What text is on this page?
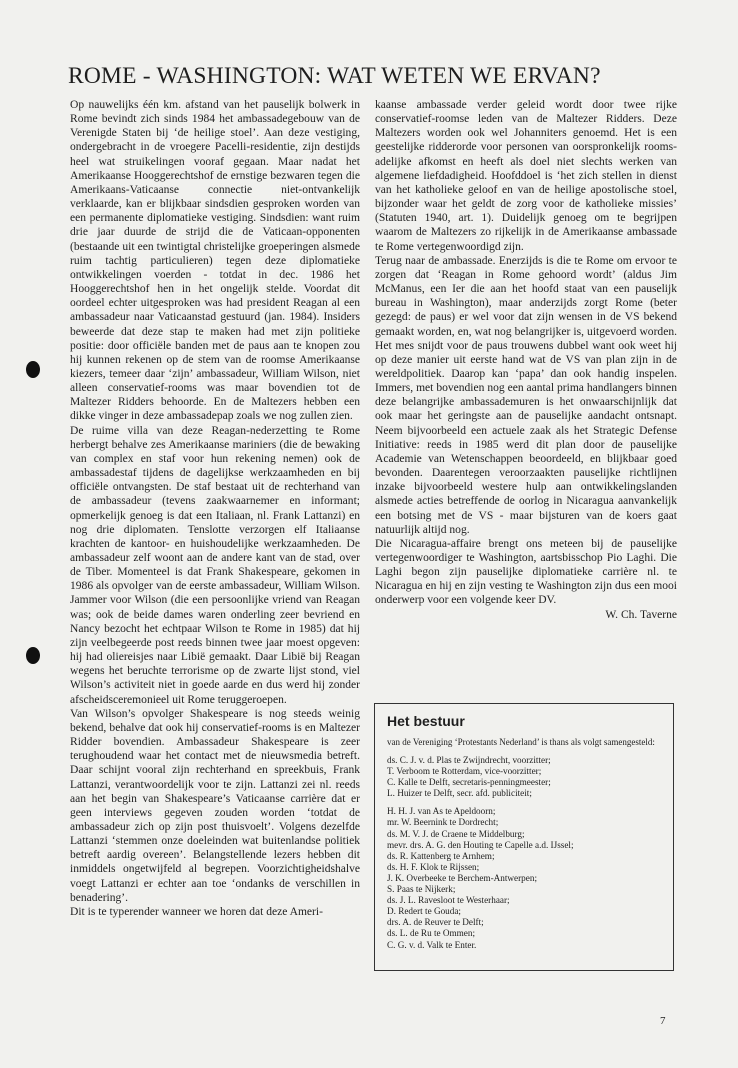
ROME - WASHINGTON: WAT WETEN WE ERVAN?

Op nauwelijks één km. afstand van het pauselijk bolwerk in Rome bevindt zich sinds 1984 het ambassadegebouw van de Verenigde Staten bij ‘de heilige stoel’. Aan deze vestiging, ondergebracht in de vroegere Pacelli-residentie, zijn destijds heel wat struikelingen vooraf gegaan. Maar nadat het Amerikaanse Hooggerechtshof de ernstige bezwaren tegen die Amerikaans-Vaticaanse connectie niet-ontvankelijk verklaarde, kan er blijkbaar sindsdien gesproken worden van een permanente diplomatieke vestiging. Sindsdien: want ruim drie jaar duurde de strijd die de Vaticaan-opponenten (bestaande uit een twintigtal christelijke groeperingen alsmede ruim tachtig particulieren) tegen deze diplomatieke ontwikkelingen voerden - totdat in dec. 1986 het Hooggerechtshof hen in het ongelijk stelde. Voordat dit oordeel echter uitgesproken was had president Reagan al een ambassadeur naar Vaticaanstad gestuurd (jan. 1984). Insiders beweerde dat deze stap te maken had met zijn politieke positie: door officiële banden met de paus aan te knopen zou hij kunnen rekenen op de stem van de roomse Amerikaanse kiezers, temeer daar ‘zijn’ ambassadeur, William Wilson, niet alleen conservatief-rooms was maar bovendien tot de Maltezer Ridders behoorde. En de Maltezers hebben een dikke vinger in deze ambassadepap zoals we nog zullen zien.

De ruime villa van deze Reagan-nederzetting te Rome herbergt behalve zes Amerikaanse mariniers (die de bewaking van complex en staf voor hun rekening nemen) ook de ambassadestaf tijdens de dagelijkse werkzaamheden en bij officiële ontvangsten. De staf bestaat uit de rechterhand van de ambassadeur (tevens zaakwaarnemer en informant; opmerkelijk genoeg is dat een Italiaan, nl. Frank Lattanzi) en nog drie diplomaten. Tenslotte verzorgen elf Italiaanse krachten de kantoor- en huishoudelijke werkzaamheden. De ambassadeur zelf woont aan de andere kant van de stad, over de Tiber. Momenteel is dat Frank Shakespeare, gekomen in 1986 als opvolger van de eerste ambassadeur, William Wilson. Jammer voor Wilson (die een persoonlijke vriend van Reagan was; ook de beide dames waren onderling zeer bevriend en Nancy bezocht het echtpaar Wilson te Rome in 1985) dat hij zijn veelbegeerde post reeds binnen twee jaar moest opgeven: hij had oliereisjes naar Libië gemaakt. Daar Libië bij Reagan wegens het beruchte terrorisme op de zwarte lijst stond, viel Wilson’s activiteit niet in goede aarde en dus werd hij zonder afscheidsceremonieel uit Rome teruggeroepen.

Van Wilson’s opvolger Shakespeare is nog steeds weinig bekend, behalve dat ook hij conservatief-rooms is en Maltezer Ridder bovendien. Ambassadeur Shakespeare is zeer terughoudend waar het contact met de nieuwsmedia betreft. Daar schijnt vooral zijn rechterhand en spreekbuis, Frank Lattanzi, verantwoordelijk voor te zijn. Lattanzi zei nl. reeds aan het begin van Shakespeare’s Vaticaanse carrière dat er geen interviews gegeven zouden worden ‘totdat de ambassadeur zich op zijn post thuisvoelt’. Volgens dezelfde Lattanzi ‘stemmen onze doeleinden wat buitenlandse politiek betreft aardig overeen’. Belangstellende lezers hebben dit inmiddels ongetwijfeld al begrepen. Voorzichtigheidshalve voegt Lattanzi er echter aan toe ‘ondanks de verschillen in benadering’.

Dit is te typerender wanneer we horen dat deze Ameri-

kaanse ambassade verder geleid wordt door twee rijke conservatief-roomse leden van de Maltezer Ridders. Deze Maltezers worden ook wel Johanniters genoemd. Het is een geestelijke ridderorde voor personen van oorspronkelijk rooms-adelijke afkomst en heeft als doel niet slechts werken van algemene liefdadigheid. Hoofddoel is ‘het zich stellen in dienst van het katholieke geloof en van de heilige apostolische stoel, bijzonder waar het geldt de zorg voor de katholieke missies’ (Statuten 1940, art. 1). Duidelijk genoeg om te begrijpen waarom de Maltezers zo rijkelijk in de Amerikaanse ambassade te Rome vertegenwoordigd zijn.

Terug naar de ambassade. Enerzijds is die te Rome om ervoor te zorgen dat ‘Reagan in Rome gehoord wordt’ (aldus Jim McManus, een Ier die aan het hoofd staat van een pauselijk bureau in Washington), maar anderzijds zorgt Rome (beter gezegd: de paus) er wel voor dat zijn wensen in de VS bekend gemaakt worden, en, wat nog belangrijker is, uitgevoerd worden. Het mes snijdt voor de paus trouwens dubbel want ook weet hij op deze manier uit eerste hand wat de VS van plan zijn in de wereldpolitiek. Daarop kan ‘papa’ dan ook handig inspelen. Immers, met bovendien nog een aantal prima handlangers binnen deze belangrijke ambassademuren is het onwaarschijnlijk dat ook maar het geringste aan de pauselijke aandacht ontsnapt. Neem bijvoorbeeld een actuele zaak als het Strategic Defense Initiative: reeds in 1985 werd dit plan door de pauselijke Academie van Wetenschappen beoordeeld, en blijkbaar goed bevonden. Daarentegen veroorzaakten pauselijke richtlijnen inzake bijvoorbeeld westere hulp aan ontwikkelingslanden alsmede acties betreffende de oorlog in Nicaragua aanvankelijk een botsing met de VS - maar bijsturen van de koers gaat natuurlijk altijd nog.

Die Nicaragua-affaire brengt ons meteen bij de pauselijke vertegenwoordiger te Washington, aartsbisschop Pio Laghi. Die Laghi begon zijn pauselijke diplomatieke carrière nl. te Nicaragua en hij en zijn vesting te Washington zijn dus een mooi onderwerp voor een volgende keer DV.

W. Ch. Taverne

Het bestuur

van de Vereniging ‘Protestants Nederland’ is thans als volgt samengesteld:

ds. C. J. v. d. Plas te Zwijndrecht, voorzitter;
T. Verboom te Rotterdam, vice-voorzitter;
C. Kalle te Delft, secretaris-penningmeester;
L. Huizer te Delft, secr. afd. publiciteit;
H. H. J. van As te Apeldoorn;
mr. W. Beernink te Dordrecht;
ds. M. V. J. de Craene te Middelburg;
mevr. drs. A. G. den Houting te Capelle a.d. IJssel;
ds. R. Kattenberg te Arnhem;
ds. H. F. Klok te Rijssen;
J. K. Overbeeke te Berchem-Antwerpen;
S. Paas te Nijkerk;
ds. J. L. Ravesloot te Westerhaar;
D. Redert te Gouda;
drs. A. de Reuver te Delft;
ds. L. de Ru te Ommen;
C. G. v. d. Valk te Enter.
7
